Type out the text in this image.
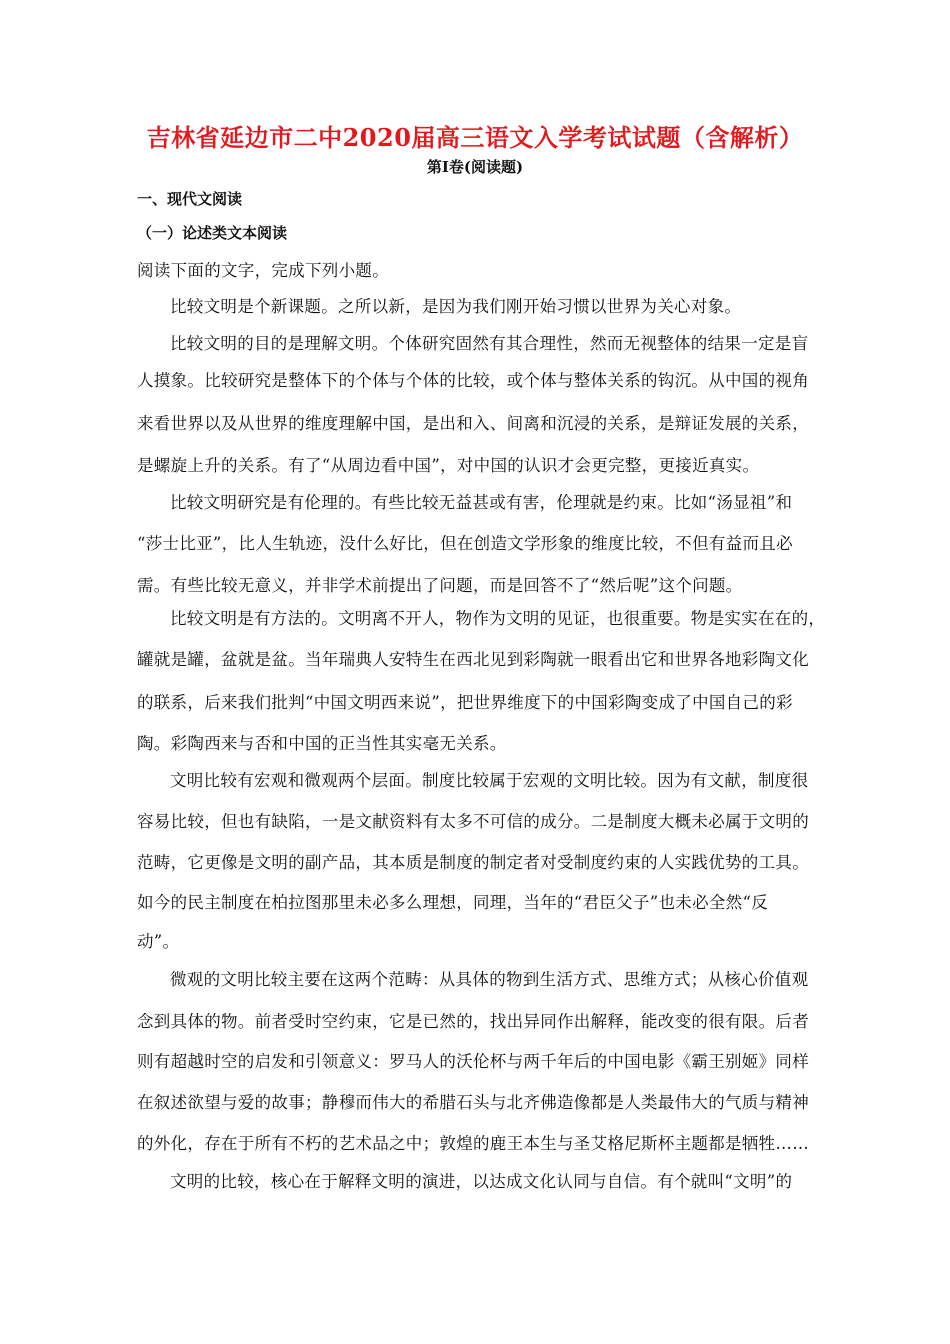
吉林省延边市二中2020届高三语文入学考试试题（含解析）
第Ⅰ卷(阅读题)
一、现代文阅读
（一）论述类文本阅读
阅读下面的文字，完成下列小题。
比较文明是个新课题。之所以新，是因为我们刚开始习惯以世界为关心对象。
比较文明的目的是理解文明。个体研究固然有其合理性，然而无视整体的结果一定是盲
人摸象。比较研究是整体下的个体与个体的比较，或个体与整体关系的钩沉。从中国的视角
来看世界以及从世界的维度理解中国，是出和入、间离和沉浸的关系，是辩证发展的关系，
是螺旋上升的关系。有了“从周边看中国”，对中国的认识才会更完整，更接近真实。
比较文明研究是有伦理的。有些比较无益甚或有害，伦理就是约束。比如“汤显祖”和
“莎士比亚”，比人生轨迹，没什么好比，但在创造文学形象的维度比较，不但有益而且必
需。有些比较无意义，并非学术前提出了问题，而是回答不了“然后呢”这个问题。
比较文明是有方法的。文明离不开人，物作为文明的见证，也很重要。物是实实在在的，
罐就是罐，盆就是盆。当年瑞典人安特生在西北见到彩陶就一眼看出它和世界各地彩陶文化
的联系，后来我们批判“中国文明西来说”，把世界维度下的中国彩陶变成了中国自己的彩
陶。彩陶西来与否和中国的正当性其实毫无关系。
文明比较有宏观和微观两个层面。制度比较属于宏观的文明比较。因为有文献，制度很
容易比较，但也有缺陷，一是文献资料有太多不可信的成分。二是制度大概未必属于文明的
范畴，它更像是文明的副产品，其本质是制度的制定者对受制度约束的人实践优势的工具。
如今的民主制度在柏拉图那里未必多么理想，同理，当年的“君臣父子”也未必全然“反
动”。
微观的文明比较主要在这两个范畴：从具体的物到生活方式、思维方式；从核心价值观
念到具体的物。前者受时空约束，它是已然的，找出异同作出解释，能改变的很有限。后者
则有超越时空的启发和引领意义：罗马人的沃伦杯与两千年后的中国电影《霸王别姬》同样
在叙述欲望与爱的故事；静穆而伟大的希腊石头与北齐佛造像都是人类最伟大的气质与精神
的外化，存在于所有不朽的艺术品之中；敦煌的鹿王本生与圣艾格尼斯杯主题都是牺牲……
文明的比较，核心在于解释文明的演进，以达成文化认同与自信。有个就叫“文明”的
